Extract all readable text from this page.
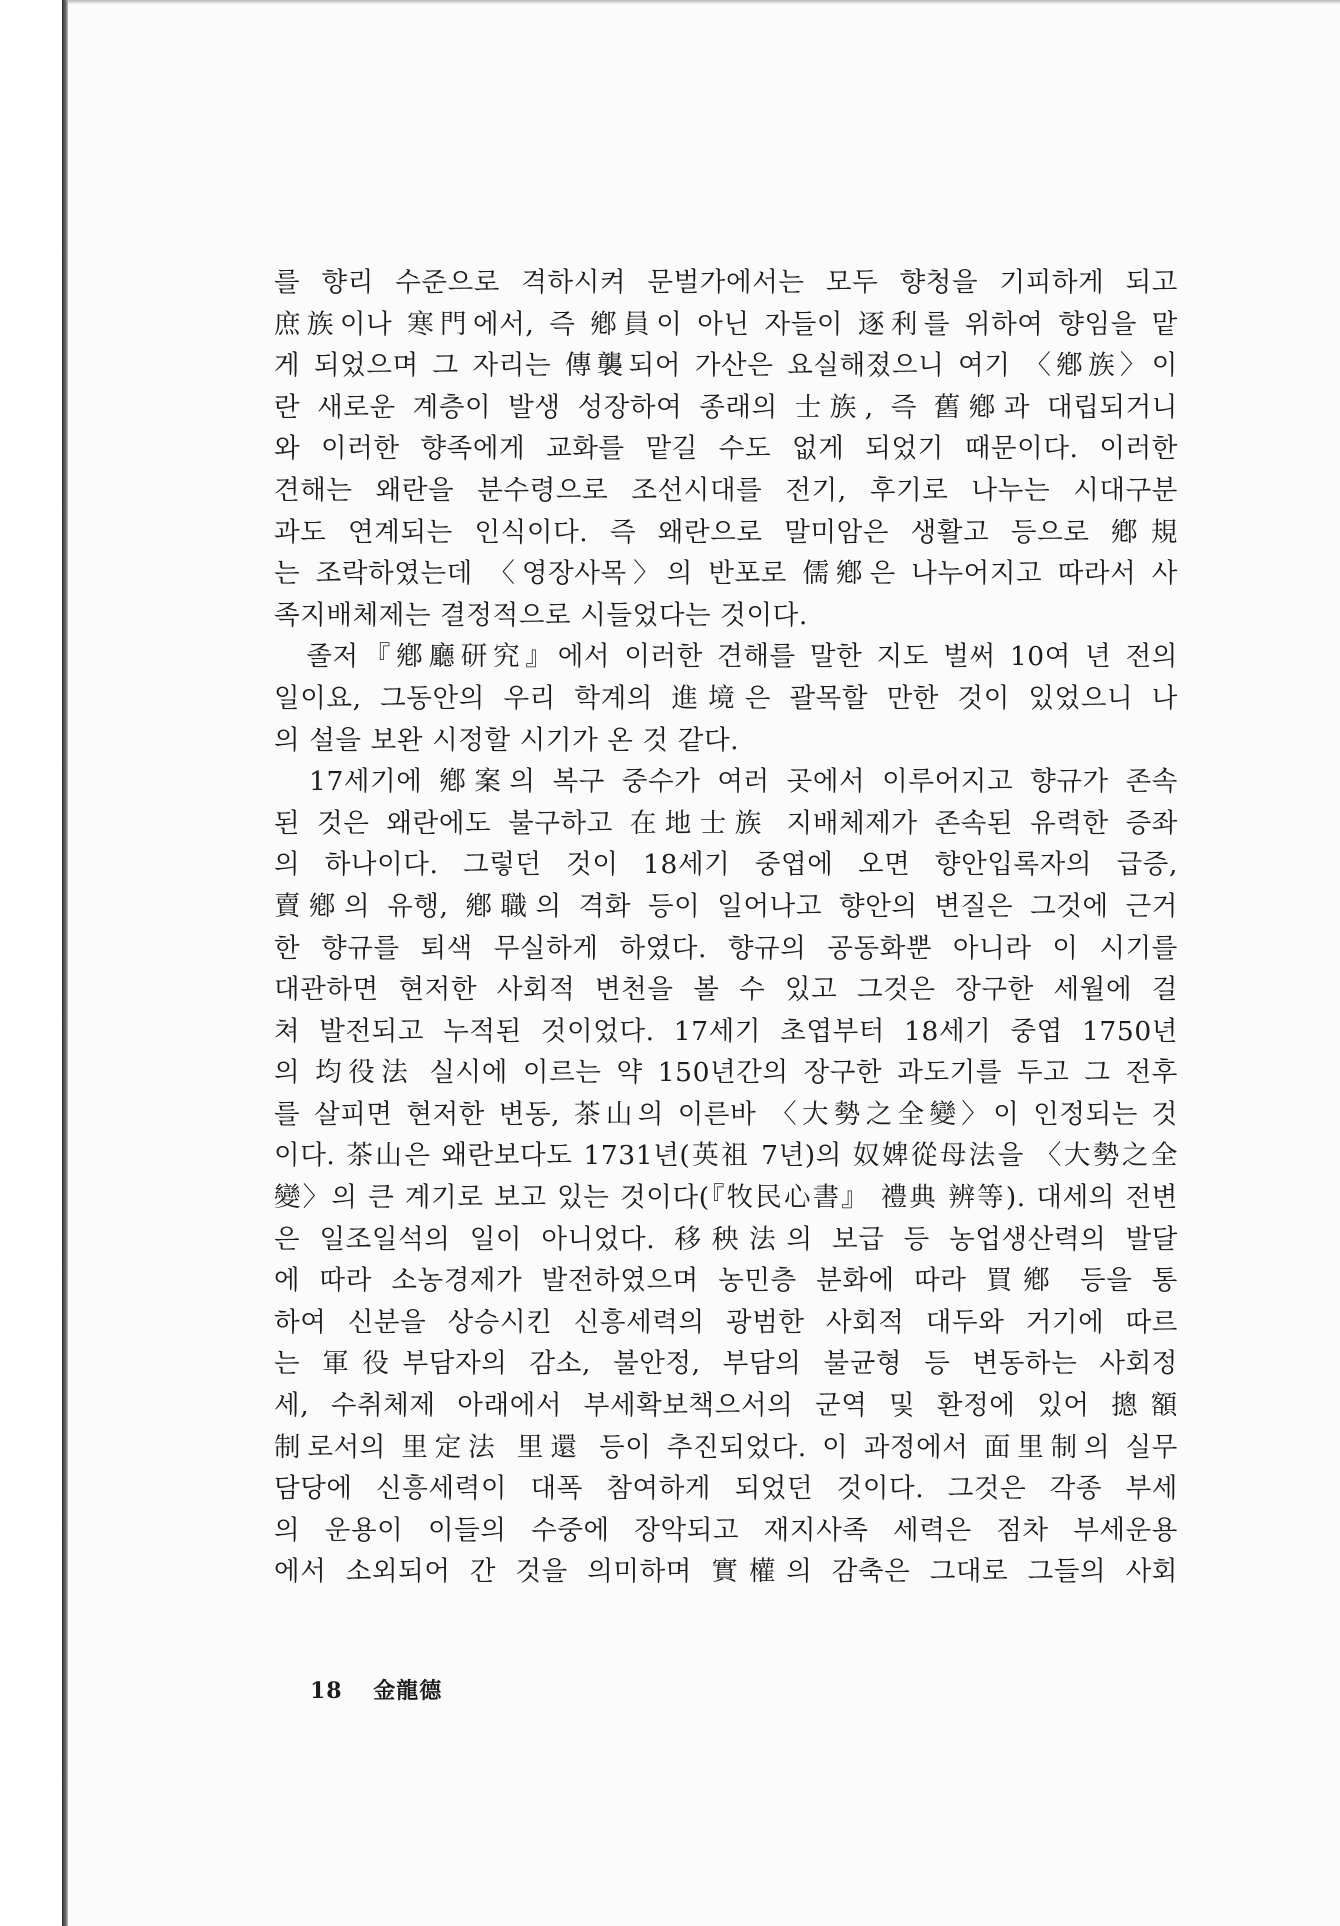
를 향리 수준으로 격하시켜 문벌가에서는 모두 향청을 기피하게 되고
庶族이나 寒門에서, 즉 鄕員이 아닌 자들이 逐利를 위하여 향임을 맡
게 되었으며 그 자리는 傳襲되어 가산은 요실해졌으니 여기 〈鄕族〉이
란 새로운 계층이 발생 성장하여 종래의 士族, 즉 舊鄕과 대립되거니
와 이러한 향족에게 교화를 맡길 수도 없게 되었기 때문이다. 이러한
견해는 왜란을 분수령으로 조선시대를 전기, 후기로 나누는 시대구분
과도 연계되는 인식이다. 즉 왜란으로 말미암은 생활고 등으로 鄕規
는 조락하였는데 〈영장사목〉의 반포로 儒鄕은 나누어지고 따라서 사
족지배체제는 결정적으로 시들었다는 것이다.
　졸저『鄕廳研究』에서 이러한 견해를 말한 지도 벌써 10여 년 전의
일이요, 그동안의 우리 학계의 進境은 괄목할 만한 것이 있었으니 나
의 설을 보완 시정할 시기가 온 것 같다.
　17세기에 鄕案의 복구 중수가 여러 곳에서 이루어지고 향규가 존속
된 것은 왜란에도 불구하고 在地士族 지배체제가 존속된 유력한 증좌
의 하나이다. 그렇던 것이 18세기 중엽에 오면 향안입록자의 급증,
賣鄕의 유행, 鄕職의 격화 등이 일어나고 향안의 변질은 그것에 근거
한 향규를 퇴색 무실하게 하였다. 향규의 공동화뿐 아니라 이 시기를
대관하면 현저한 사회적 변천을 볼 수 있고 그것은 장구한 세월에 걸
쳐 발전되고 누적된 것이었다. 17세기 초엽부터 18세기 중엽 1750년
의 均役法 실시에 이르는 약 150년간의 장구한 과도기를 두고 그 전후
를 살피면 현저한 변동, 茶山의 이른바 〈大勢之全變〉이 인정되는 것
이다. 茶山은 왜란보다도 1731년(英祖 7년)의 奴婢從母法을 〈大勢之全
變〉의 큰 계기로 보고 있는 것이다(『牧民心書』 禮典 辨等). 대세의 전변
은 일조일석의 일이 아니었다. 移秧法의 보급 등 농업생산력의 발달
에 따라 소농경제가 발전하였으며 농민층 분화에 따라 買鄕 등을 통
하여 신분을 상승시킨 신흥세력의 광범한 사회적 대두와 거기에 따르
는 軍役부담자의 감소, 불안정, 부담의 불균형 등 변동하는 사회정
세, 수취체제 아래에서 부세확보책으서의 군역 및 환정에 있어 摠額
制로서의 里定法 里還 등이 추진되었다. 이 과정에서 面里制의 실무
담당에 신흥세력이 대폭 참여하게 되었던 것이다. 그것은 각종 부세
의 운용이 이들의 수중에 장악되고 재지사족 세력은 점차 부세운용
에서 소외되어 간 것을 의미하며 實權의 감축은 그대로 그들의 사회
18 金龍德
